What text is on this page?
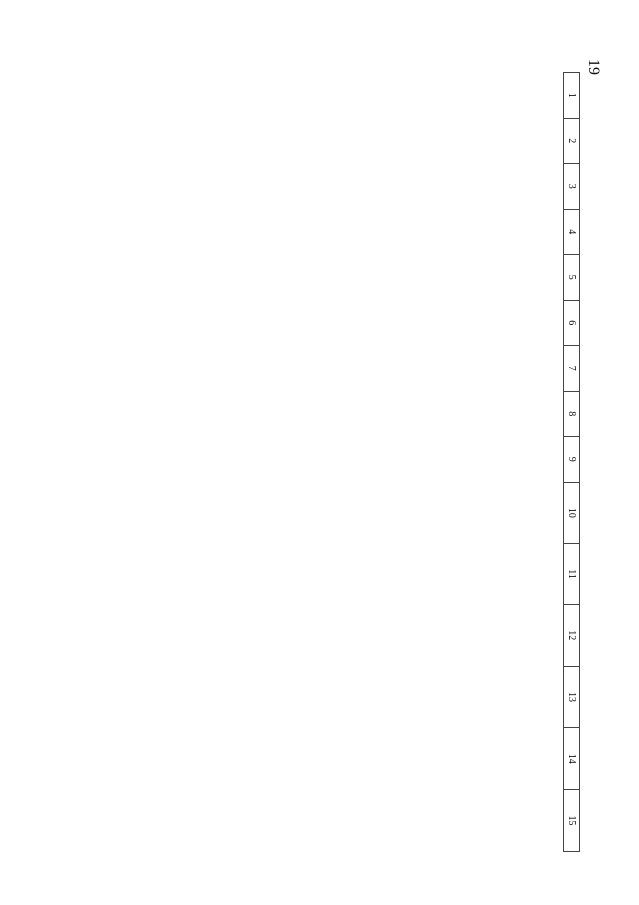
19
1	2	3	4	5	6	7	8	9	10	11	12	13	14	15
